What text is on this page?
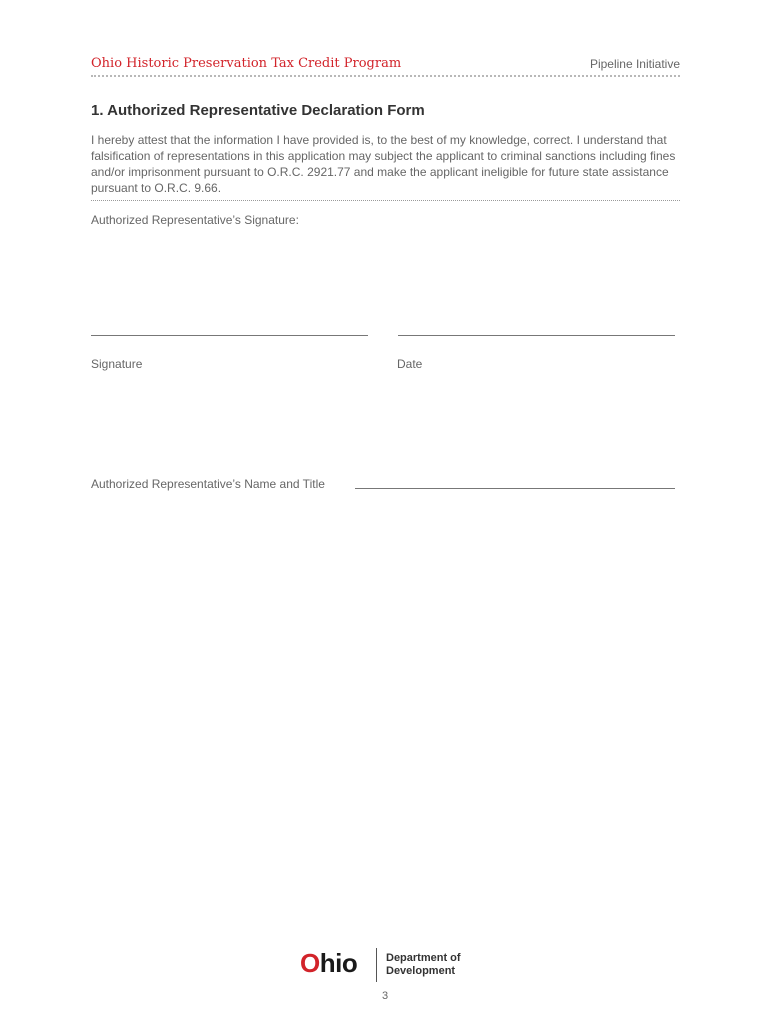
Ohio Historic Preservation Tax Credit Program	Pipeline Initiative
1. Authorized Representative Declaration Form
I hereby attest that the information I have provided is, to the best of my knowledge, correct. I understand that falsification of representations in this application may subject the applicant to criminal sanctions including fines and/or imprisonment pursuant to O.R.C. 2921.77 and make the applicant ineligible for future state assistance pursuant to O.R.C. 9.66.
Authorized Representative’s Signature:
Signature	Date
Authorized Representative’s Name and Title
Ohio	Department of
Development
3
